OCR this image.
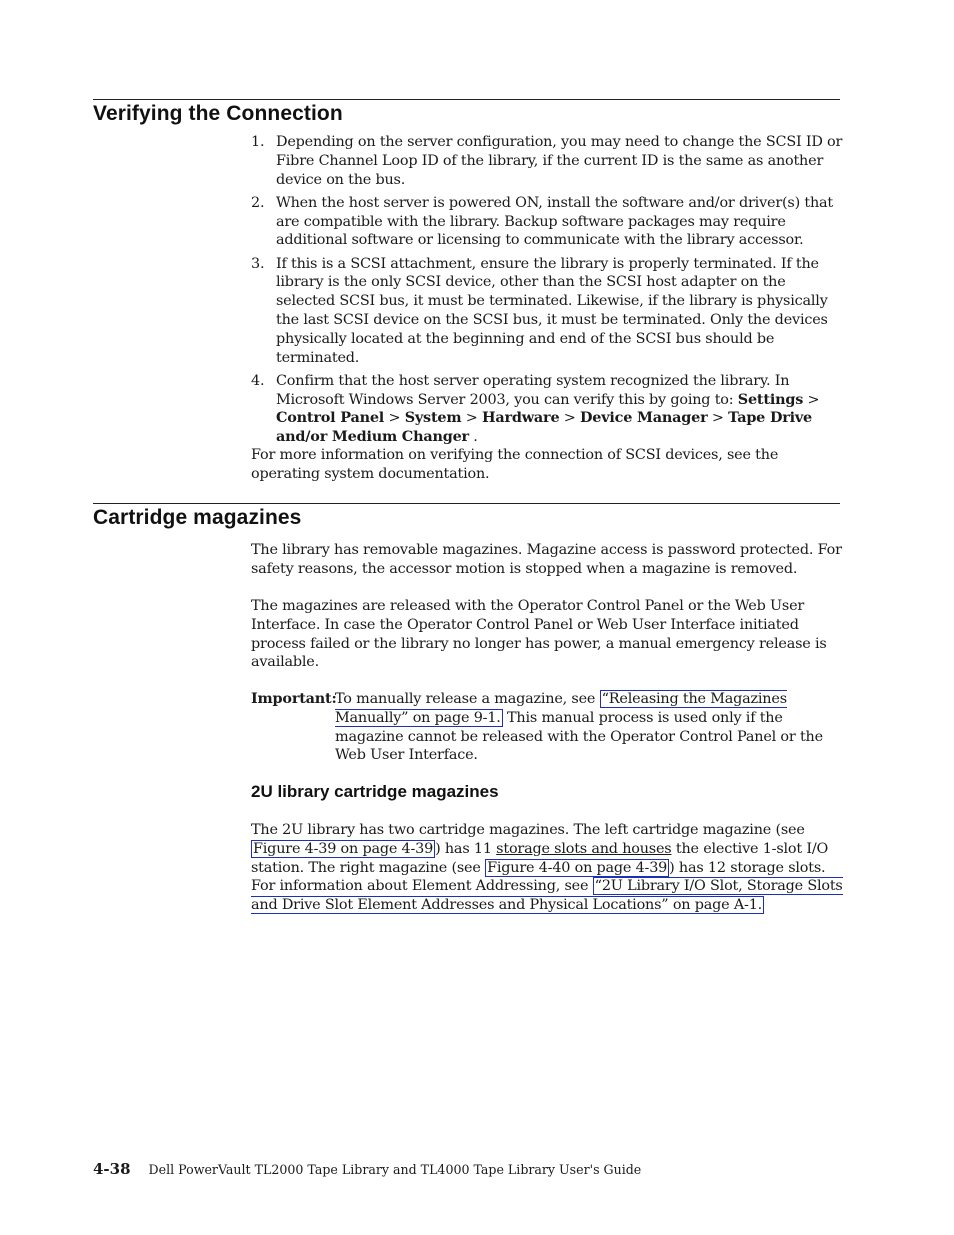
Verifying the Connection
1. Depending on the server configuration, you may need to change the SCSI ID or Fibre Channel Loop ID of the library, if the current ID is the same as another device on the bus.
2. When the host server is powered ON, install the software and/or driver(s) that are compatible with the library. Backup software packages may require additional software or licensing to communicate with the library accessor.
3. If this is a SCSI attachment, ensure the library is properly terminated. If the library is the only SCSI device, other than the SCSI host adapter on the selected SCSI bus, it must be terminated. Likewise, if the library is physically the last SCSI device on the SCSI bus, it must be terminated. Only the devices physically located at the beginning and end of the SCSI bus should be terminated.
4. Confirm that the host server operating system recognized the library. In Microsoft Windows Server 2003, you can verify this by going to: Settings > Control Panel > System > Hardware > Device Manager > Tape Drive and/or Medium Changer .

For more information on verifying the connection of SCSI devices, see the operating system documentation.

Cartridge magazines

The library has removable magazines. Magazine access is password protected. For safety reasons, the accessor motion is stopped when a magazine is removed.

The magazines are released with the Operator Control Panel or the Web User Interface. In case the Operator Control Panel or Web User Interface initiated process failed or the library no longer has power, a manual emergency release is available.

Important:

To manually release a magazine, see “Releasing the Magazines Manually” on page 9-1. This manual process is used only if the magazine cannot be released with the Operator Control Panel or the Web User Interface.

2U library cartridge magazines

The 2U library has two cartridge magazines. The left cartridge magazine (see Figure 4-39 on page 4-39 ) has 11 storage slots and houses the elective 1-slot I/O station. The right magazine (see Figure 4-40 on page 4-39 ) has 12 storage slots. For information about Element Addressing, see “2U Library I/O Slot, Storage Slots and Drive Slot Element Addresses and Physical Locations” on page A-1.

4-38 Dell PowerVault TL2000 Tape Library and TL4000 Tape Library User's Guide
